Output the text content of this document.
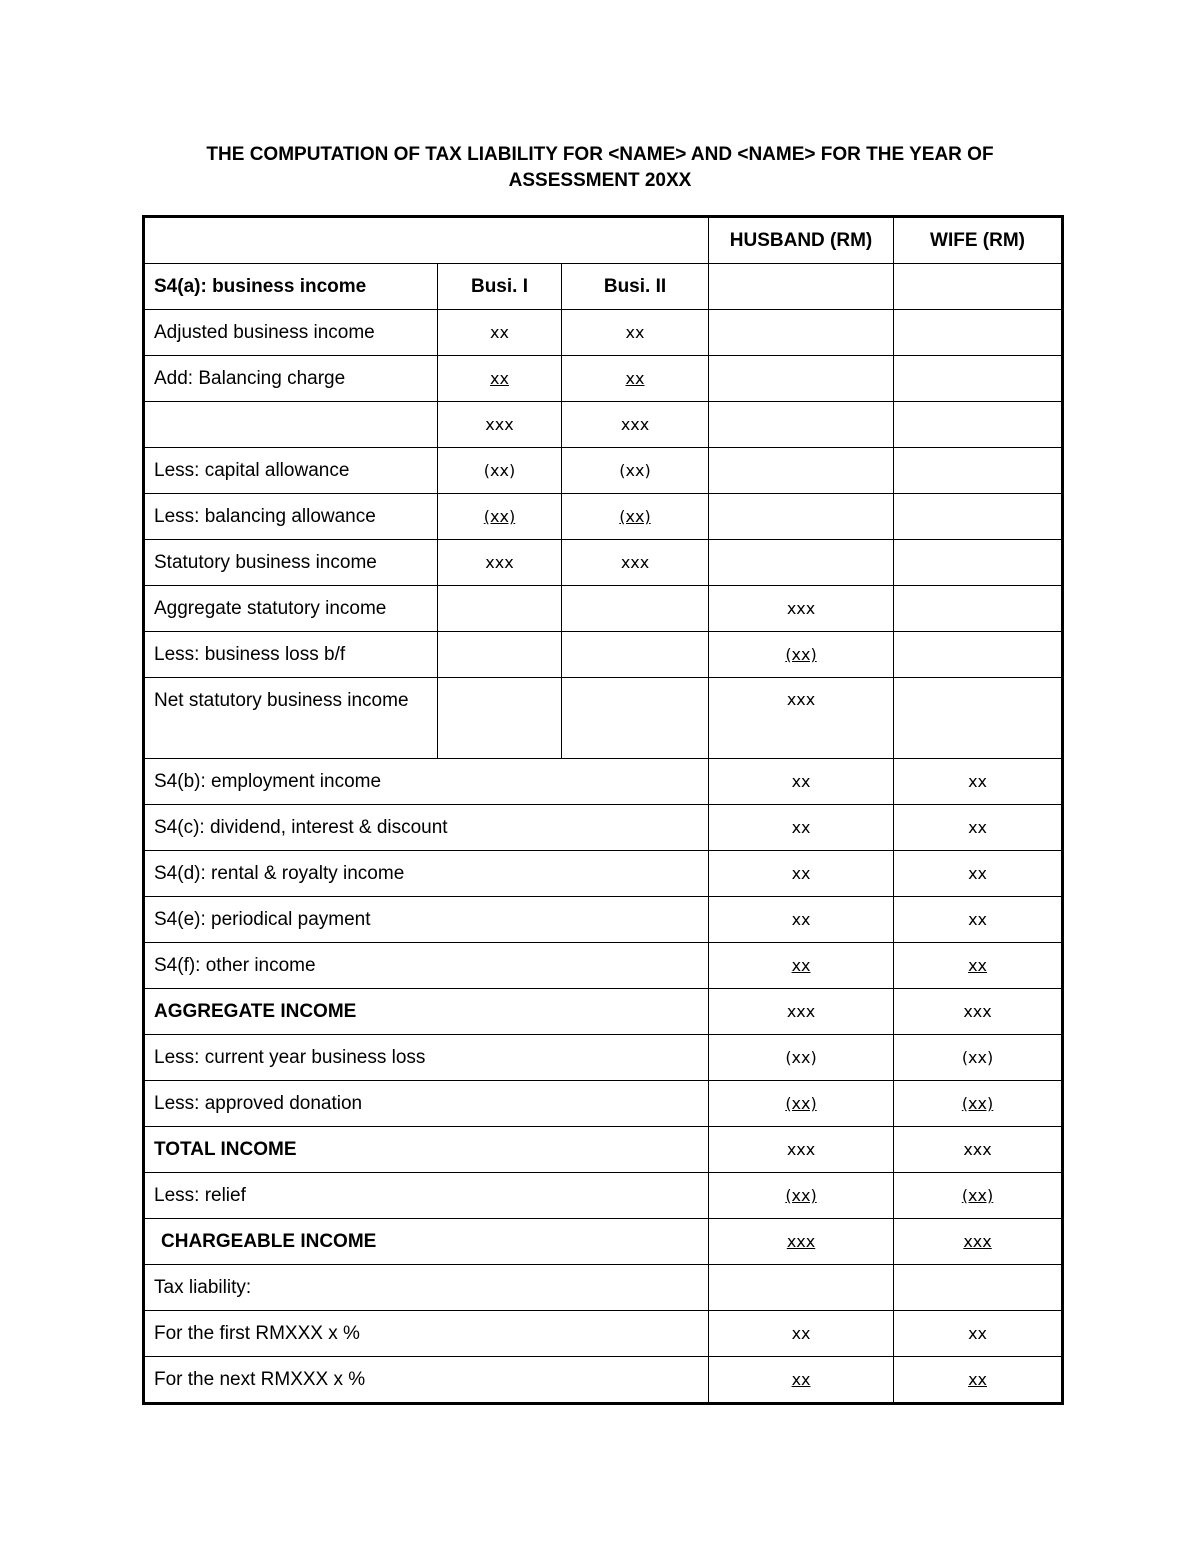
THE COMPUTATION OF TAX LIABILITY FOR <NAME> AND <NAME> FOR THE YEAR OF
ASSESSMENT 20XX
			HUSBAND (RM)	WIFE (RM)
S4(a): business income	Busi. I	Busi. II		
Adjusted business income	xx	xx		
Add: Balancing charge	xx	xx		
	xxx	xxx		
Less: capital allowance	(xx)	(xx)		
Less: balancing allowance	(xx)	(xx)		
Statutory business income	xxx	xxx		
Aggregate statutory income			xxx	
Less: business loss b/f			(xx)	
Net statutory business income			xxx	
S4(b): employment income			xx	xx
S4(c): dividend, interest & discount			xx	xx
S4(d): rental & royalty income			xx	xx
S4(e): periodical payment			xx	xx
S4(f): other income			xx	xx
AGGREGATE INCOME			xxx	xxx
Less: current year business loss			(xx)	(xx)
Less: approved donation			(xx)	(xx)
TOTAL INCOME			xxx	xxx
Less: relief			(xx)	(xx)
CHARGEABLE INCOME			xxx	xxx
Tax liability:				
For the first RMXXX x %			xx	xx
For the next RMXXX x %			xx	xx
